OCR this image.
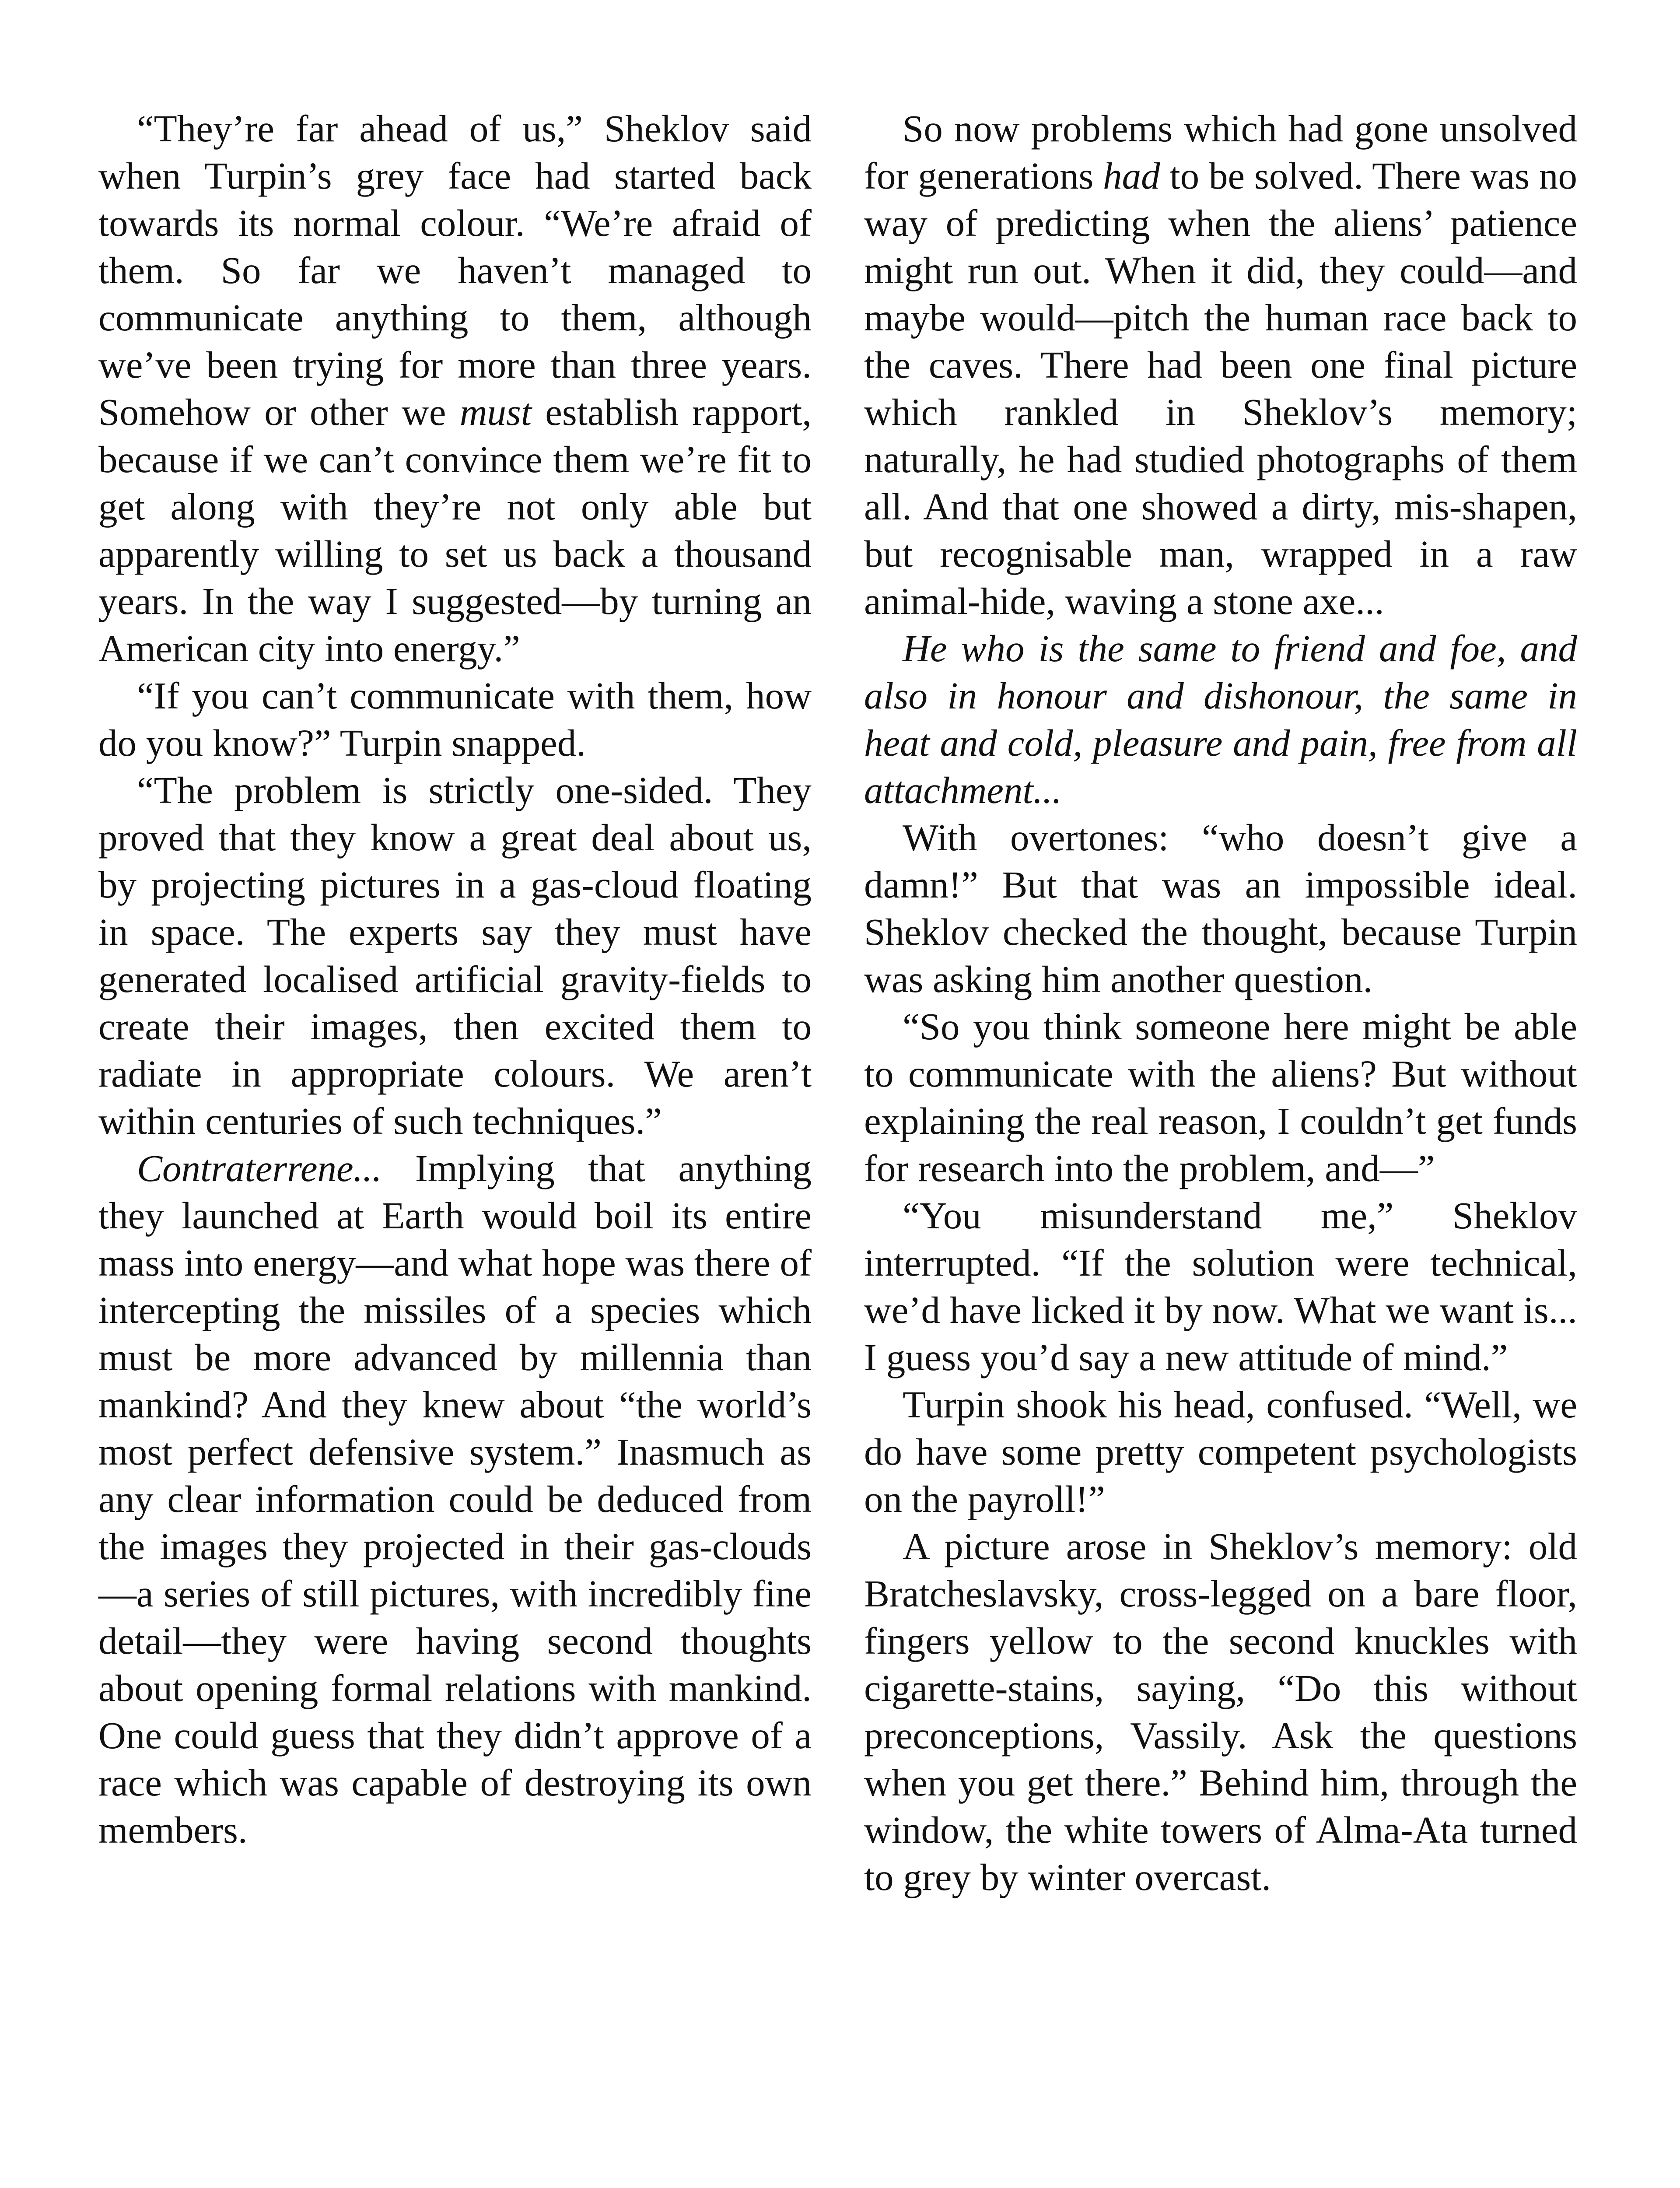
“They’re far ahead of us,” Sheklov said when Turpin’s grey face had started back towards its normal colour. “We’re afraid of them. So far we haven’t managed to communicate anything to them, although we’ve been trying for more than three years. Somehow or other we must establish rapport, because if we can’t convince them we’re fit to get along with they’re not only able but apparently willing to set us back a thousand years. In the way I suggested—by turning an American city into energy.”

“If you can’t communicate with them, how do you know?” Turpin snapped.

“The problem is strictly one-sided. They proved that they know a great deal about us, by projecting pictures in a gas-cloud floating in space. The experts say they must have generated localised artificial gravity-fields to create their images, then excited them to radiate in appropriate colours. We aren’t within centuries of such techniques.”

Contraterrene... Implying that anything they launched at Earth would boil its entire mass into energy—and what hope was there of intercepting the missiles of a species which must be more advanced by millennia than mankind? And they knew about “the world’s most perfect defensive system.” Inasmuch as any clear information could be deduced from the images they projected in their gas-clouds—a series of still pictures, with incredibly fine detail—they were having second thoughts about opening formal relations with mankind. One could guess that they didn’t approve of a race which was capable of destroying its own members.

So now problems which had gone unsolved for generations had to be solved. There was no way of predicting when the aliens’ patience might run out. When it did, they could—and maybe would—pitch the human race back to the caves. There had been one final picture which rankled in Sheklov’s memory; naturally, he had studied photographs of them all. And that one showed a dirty, mis-shapen, but recognisable man, wrapped in a raw animal-hide, waving a stone axe...

He who is the same to friend and foe, and also in honour and dishonour, the same in heat and cold, pleasure and pain, free from all attachment...

With overtones: “who doesn’t give a damn!” But that was an impossible ideal. Sheklov checked the thought, because Turpin was asking him another question.

“So you think someone here might be able to communicate with the aliens? But without explaining the real reason, I couldn’t get funds for research into the problem, and—”

“You misunderstand me,” Sheklov interrupted. “If the solution were technical, we’d have licked it by now. What we want is... I guess you’d say a new attitude of mind.”

Turpin shook his head, confused. “Well, we do have some pretty competent psychologists on the payroll!”

A picture arose in Sheklov’s memory: old Bratcheslavsky, cross-legged on a bare floor, fingers yellow to the second knuckles with cigarette-stains, saying, “Do this without preconceptions, Vassily. Ask the questions when you get there.” Behind him, through the window, the white towers of Alma-Ata turned to grey by winter overcast.
